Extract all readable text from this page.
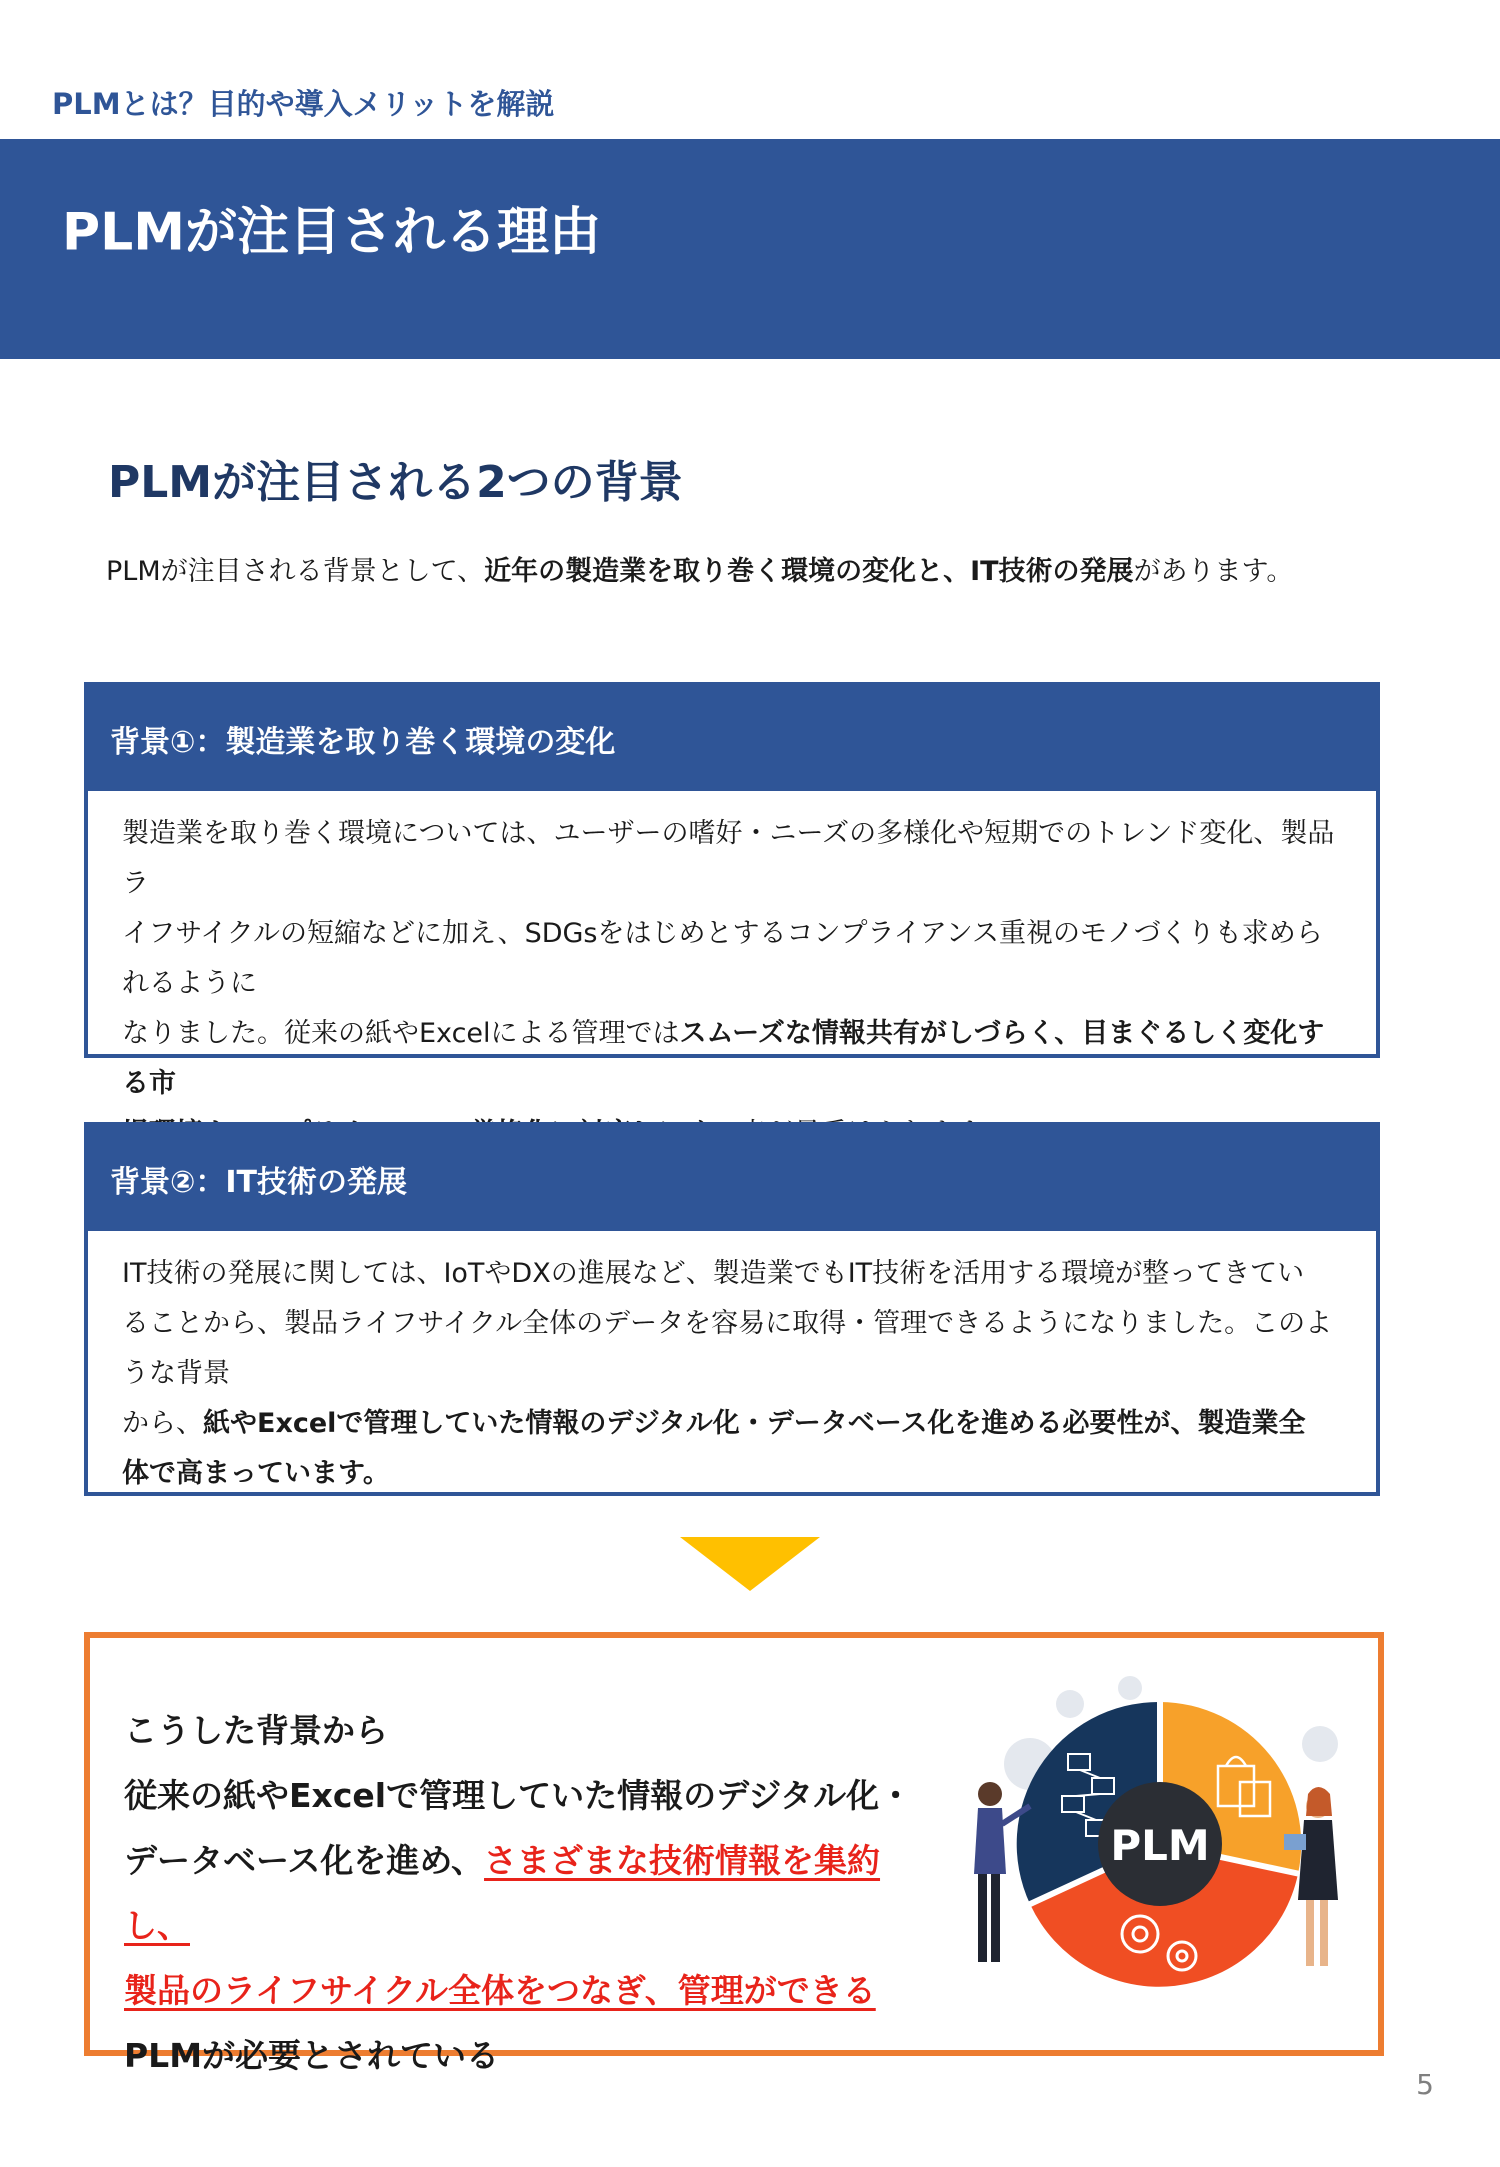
PLMとは？目的や導入メリットを解説
PLMが注目される理由
PLMが注目される2つの背景
PLMが注目される背景として、近年の製造業を取り巻く環境の変化と、IT技術の発展があります。
背景①：製造業を取り巻く環境の変化
製造業を取り巻く環境については、ユーザーの嗜好・ニーズの多様化や短期でのトレンド変化、製品ラ
イフサイクルの短縮などに加え、SDGsをはじめとするコンプライアンス重視のモノづくりも求められるように
なりました。従来の紙やExcelによる管理ではスムーズな情報共有がしづらく、目まぐるしく変化する市
背景②：IT技術の発展
IT技術の発展に関しては、IoTやDXの進展など、製造業でもIT技術を活用する環境が整ってきてい
ることから、製品ライフサイクル全体のデータを容易に取得・管理できるようになりました。このような背景
から、紙やExcelで管理していた情報のデジタル化・データベース化を進める必要性が、製造業全
体で高まっています。
こうした背景から
従来の紙やExcelで管理していた情報のデジタル化・
データベース化を進め、さまざまな技術情報を集約し、
製品のライフサイクル全体をつなぎ、管理ができる
PLMが必要とされている
PLM
5
